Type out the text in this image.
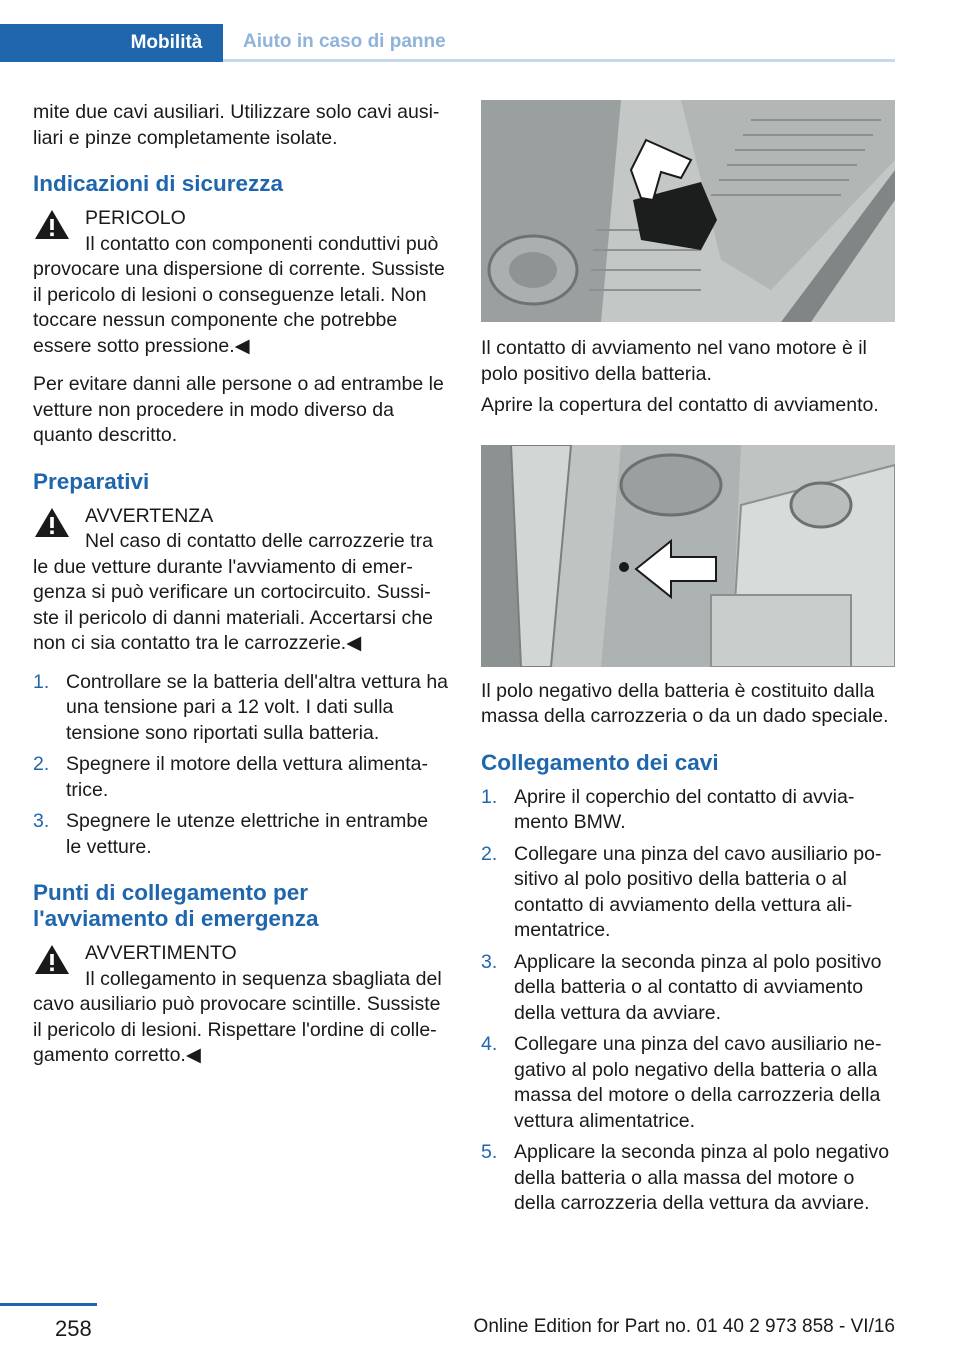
Mobilità	Aiuto in caso di panne

mite due cavi ausiliari. Utilizzare solo cavi ausiliari e pinze completamente isolate.

Indicazioni di sicurezza
PERICOLO
Il contatto con componenti conduttivi può provocare una dispersione di corrente. Sussiste il pericolo di lesioni o conseguenze letali. Non toccare nessun componente che potrebbe essere sotto pressione.◀

Per evitare danni alle persone o ad entrambe le vetture non procedere in modo diverso da quanto descritto.

Preparativi
AVVERTENZA
Nel caso di contatto delle carrozzerie tra le due vetture durante l'avviamento di emergenza si può verificare un cortocircuito. Sussiste il pericolo di danni materiali. Accertarsi che non ci sia contatto tra le carrozzerie.◀
1. Controllare se la batteria dell'altra vettura ha una tensione pari a 12 volt. I dati sulla tensione sono riportati sulla batteria.
2. Spegnere il motore della vettura alimentatrice.
3. Spegnere le utenze elettriche in entrambe le vetture.
Punti di collegamento per l'avviamento di emergenza
AVVERTIMENTO
Il collegamento in sequenza sbagliata del cavo ausiliario può provocare scintille. Sussiste il pericolo di lesioni. Rispettare l'ordine di collegamento corretto.◀

Il contatto di avviamento nel vano motore è il polo positivo della batteria.

Aprire la copertura del contatto di avviamento.

Il polo negativo della batteria è costituito dalla massa della carrozzeria o da un dado speciale.

Collegamento dei cavi
1. Aprire il coperchio del contatto di avviamento BMW.
2. Collegare una pinza del cavo ausiliario positivo al polo positivo della batteria o al contatto di avviamento della vettura alimentatrice.
3. Applicare la seconda pinza al polo positivo della batteria o al contatto di avviamento della vettura da avviare.
4. Collegare una pinza del cavo ausiliario negativo al polo negativo della batteria o alla massa del motore o della carrozzeria della vettura alimentatrice.
5. Applicare la seconda pinza al polo negativo della batteria o alla massa del motore o della carrozzeria della vettura da avviare.
258	Online Edition for Part no. 01 40 2 973 858 - VI/16
